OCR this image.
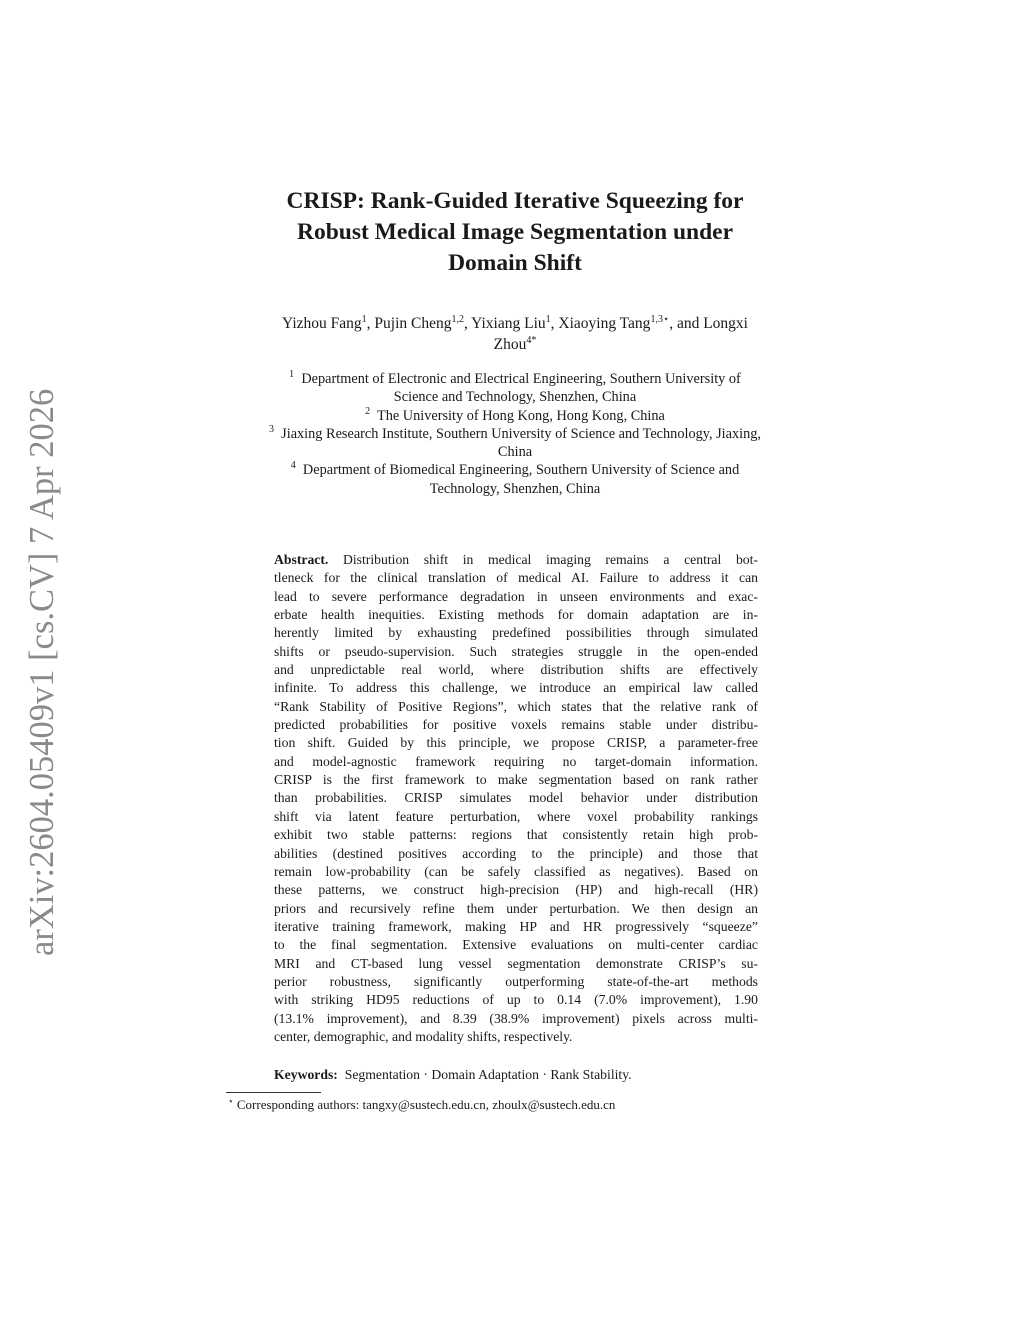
arXiv:2604.05409v1 [cs.CV] 7 Apr 2026
CRISP: Rank-Guided Iterative Squeezing for
Robust Medical Image Segmentation under
Domain Shift
Yizhou Fang$^1$, Pujin Cheng$^{1,2}$, Yixiang Liu$^1$, Xiaoying Tang$^{1,3⋆}$, and Longxi
Zhou$^{4*}$
$^1$ Department of Electronic and Electrical Engineering, Southern University of
Science and Technology, Shenzhen, China
$^2$ The University of Hong Kong, Hong Kong, China
$^3$ Jiaxing Research Institute, Southern University of Science and Technology, Jiaxing,
China
$^4$ Department of Biomedical Engineering, Southern University of Science and
Technology, Shenzhen, China
Abstract. Distribution shift in medical imaging remains a central bot-
tleneck for the clinical translation of medical AI. Failure to address it can
lead to severe performance degradation in unseen environments and exac-
erbate health inequities. Existing methods for domain adaptation are in-
herently limited by exhausting predefined possibilities through simulated
shifts or pseudo-supervision. Such strategies struggle in the open-ended
and unpredictable real world, where distribution shifts are effectively
infinite. To address this challenge, we introduce an empirical law called
“Rank Stability of Positive Regions”, which states that the relative rank of
predicted probabilities for positive voxels remains stable under distribu-
tion shift. Guided by this principle, we propose CRISP, a parameter-free
and model-agnostic framework requiring no target-domain information.
CRISP is the first framework to make segmentation based on rank rather
than probabilities. CRISP simulates model behavior under distribution
shift via latent feature perturbation, where voxel probability rankings
exhibit two stable patterns: regions that consistently retain high prob-
abilities (destined positives according to the principle) and those that
remain low-probability (can be safely classified as negatives). Based on
these patterns, we construct high-precision (HP) and high-recall (HR)
priors and recursively refine them under perturbation. We then design an
iterative training framework, making HP and HR progressively “squeeze”
to the final segmentation. Extensive evaluations on multi-center cardiac
MRI and CT-based lung vessel segmentation demonstrate CRISP’s su-
perior robustness, significantly outperforming state-of-the-art methods
with striking HD95 reductions of up to 0.14 (7.0% improvement), 1.90
(13.1% improvement), and 8.39 (38.9% improvement) pixels across multi-
center, demographic, and modality shifts, respectively.
Keywords: Segmentation · Domain Adaptation · Rank Stability.
⋆ Corresponding authors: tangxy@sustech.edu.cn, zhoulx@sustech.edu.cn
